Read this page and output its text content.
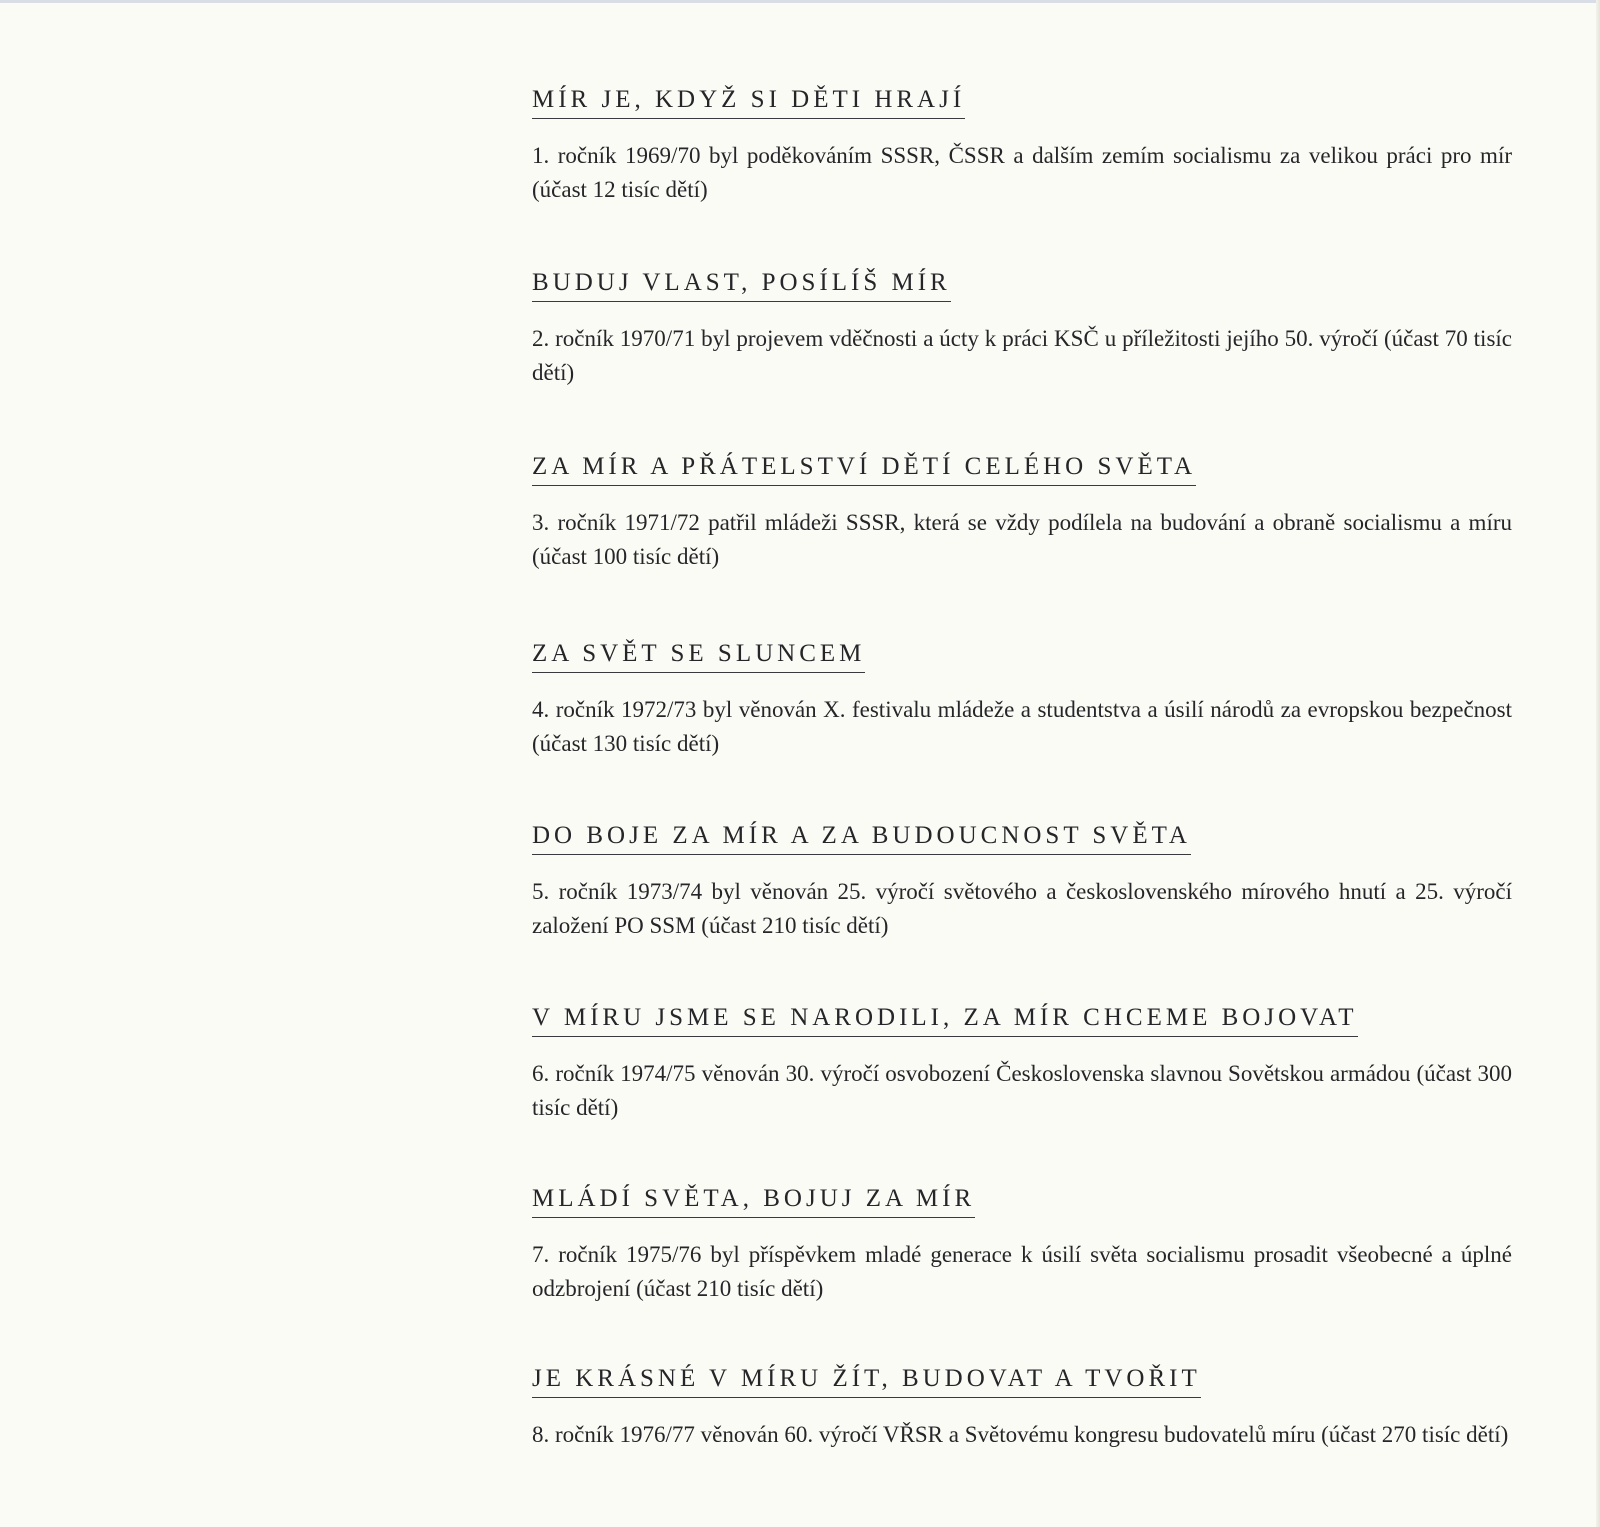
MÍR JE, KDYŽ SI DĚTI HRAJÍ

1. ročník 1969/70 byl poděkováním SSSR, ČSSR a dalším zemím socialismu za velikou práci pro mír (účast 12 tisíc dětí)

BUDUJ VLAST, POSÍLÍŠ MÍR

2. ročník 1970/71 byl projevem vděčnosti a úcty k práci KSČ u příležitosti jejího 50. výročí (účast 70 tisíc dětí)

ZA MÍR A PŘÁTELSTVÍ DĚTÍ CELÉHO SVĚTA

3. ročník 1971/72 patřil mládeži SSSR, která se vždy podílela na budování a obraně socialismu a míru (účast 100 tisíc dětí)

ZA SVĚT SE SLUNCEM

4. ročník 1972/73 byl věnován X. festivalu mládeže a studentstva a úsilí národů za evropskou bezpečnost (účast 130 tisíc dětí)

DO BOJE ZA MÍR A ZA BUDOUCNOST SVĚTA

5. ročník 1973/74 byl věnován 25. výročí světového a československého mírového hnutí a 25. výročí založení PO SSM (účast 210 tisíc dětí)

V MÍRU JSME SE NARODILI, ZA MÍR CHCEME BOJOVAT

6. ročník 1974/75 věnován 30. výročí osvobození Československa slavnou Sovětskou armádou (účast 300 tisíc dětí)

MLÁDÍ SVĚTA, BOJUJ ZA MÍR

7. ročník 1975/76 byl příspěvkem mladé generace k úsilí světa socialismu prosadit všeobecné a úplné odzbrojení (účast 210 tisíc dětí)

JE KRÁSNÉ V MÍRU ŽÍT, BUDOVAT A TVOŘIT

8. ročník 1976/77 věnován 60. výročí VŘSR a Světovému kongresu budovatelů míru (účast 270 tisíc dětí)
